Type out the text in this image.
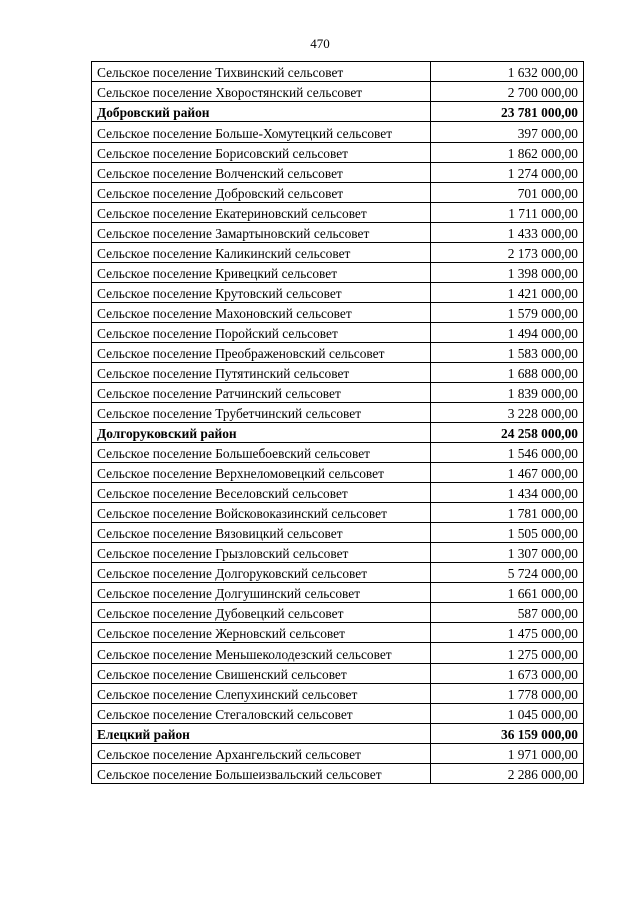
470
Сельское поселение Тихвинский сельсовет	1 632 000,00
Сельское поселение Хворостянский сельсовет	2 700 000,00
Добровский район	23 781 000,00
Сельское поселение Больше-Хомутецкий сельсовет	397 000,00
Сельское поселение Борисовский сельсовет	1 862 000,00
Сельское поселение Волченский сельсовет	1 274 000,00
Сельское поселение Добровский сельсовет	701 000,00
Сельское поселение Екатериновский сельсовет	1 711 000,00
Сельское поселение Замартыновский сельсовет	1 433 000,00
Сельское поселение Каликинский сельсовет	2 173 000,00
Сельское поселение Кривецкий сельсовет	1 398 000,00
Сельское поселение Крутовский сельсовет	1 421 000,00
Сельское поселение Махоновский сельсовет	1 579 000,00
Сельское поселение Поройский сельсовет	1 494 000,00
Сельское поселение Преображеновский сельсовет	1 583 000,00
Сельское поселение Путятинский сельсовет	1 688 000,00
Сельское поселение Ратчинский сельсовет	1 839 000,00
Сельское поселение Трубетчинский сельсовет	3 228 000,00
Долгоруковский район	24 258 000,00
Сельское поселение Большебоевский сельсовет	1 546 000,00
Сельское поселение Верхнеломовецкий сельсовет	1 467 000,00
Сельское поселение Веселовский сельсовет	1 434 000,00
Сельское поселение Войсковоказинский сельсовет	1 781 000,00
Сельское поселение Вязовицкий сельсовет	1 505 000,00
Сельское поселение Грызловский сельсовет	1 307 000,00
Сельское поселение Долгоруковский сельсовет	5 724 000,00
Сельское поселение Долгушинский сельсовет	1 661 000,00
Сельское поселение Дубовецкий сельсовет	587 000,00
Сельское поселение Жерновский сельсовет	1 475 000,00
Сельское поселение Меньшеколодезский сельсовет	1 275 000,00
Сельское поселение Свишенский сельсовет	1 673 000,00
Сельское поселение Слепухинский сельсовет	1 778 000,00
Сельское поселение Стегаловский сельсовет	1 045 000,00
Елецкий район	36 159 000,00
Сельское поселение Архангельский сельсовет	1 971 000,00
Сельское поселение Большеизвальский сельсовет	2 286 000,00
